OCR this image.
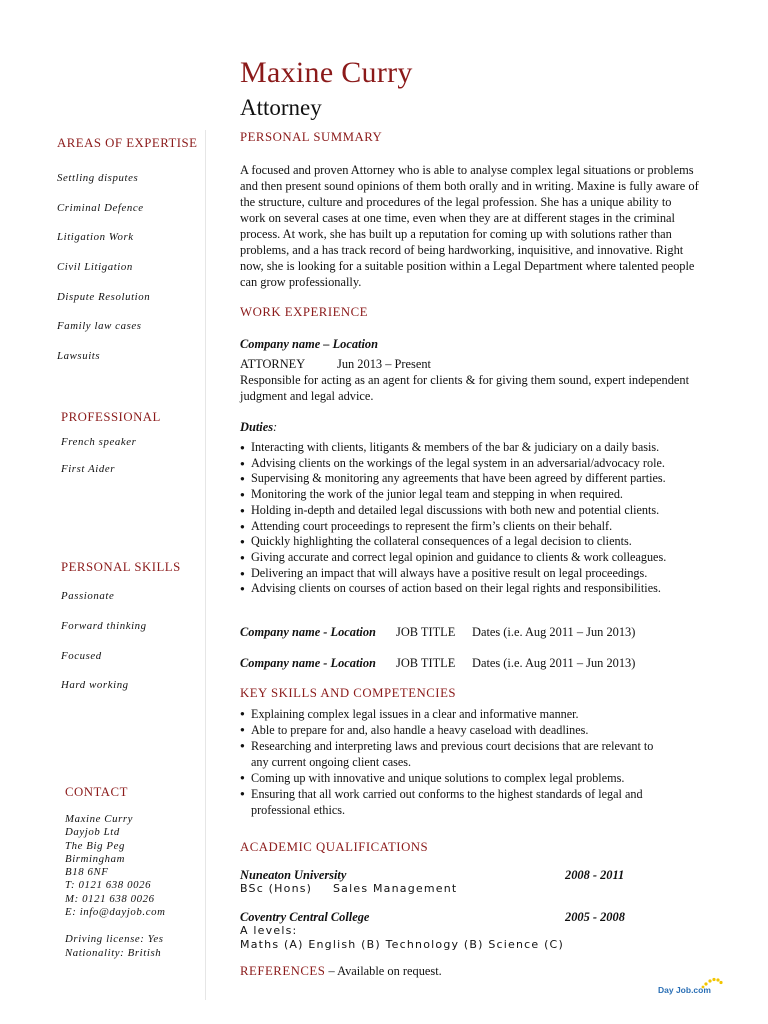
Maxine Curry
Attorney
AREAS OF EXPERTISE
Settling disputes
Criminal Defence
Litigation Work
Civil Litigation
Dispute Resolution
Family law cases
Lawsuits
PROFESSIONAL
French speaker
First Aider
PERSONAL SKILLS
Passionate
Forward thinking
Focused
Hard working
CONTACT
Maxine Curry
Dayjob Ltd
The Big Peg
Birmingham
B18 6NF
T: 0121 638 0026
M: 0121 638 0026
E: info@dayjob.com
Driving license: Yes
Nationality: British
PERSONAL SUMMARY
A focused and proven Attorney who is able to analyse complex legal situations or problems and then present sound opinions of them both orally and in writing. Maxine is fully aware of the structure, culture and procedures of the legal profession. She has a unique ability to work on several cases at one time, even when they are at different stages in the criminal process. At work, she has built up a reputation for coming up with solutions rather than problems, and a has track record of being hardworking, inquisitive, and innovative. Right now, she is looking for a suitable position within a Legal Department where talented people can grow professionally.
WORK EXPERIENCE
Company name – Location
ATTORNEY	Jun 2013 – Present
Responsible for acting as an agent for clients & for giving them sound, expert independent
judgment and legal advice.
Duties:
● Interacting with clients, litigants & members of the bar & judiciary on a daily basis.
● Advising clients on the workings of the legal system in an adversarial/advocacy role.
● Supervising & monitoring any agreements that have been agreed by different parties.
● Monitoring the work of the junior legal team and stepping in when required.
● Holding in-depth and detailed legal discussions with both new and potential clients.
● Attending court proceedings to represent the firm’s clients on their behalf.
● Quickly highlighting the collateral consequences of a legal decision to clients.
● Giving accurate and correct legal opinion and guidance to clients & work colleagues.
● Delivering an impact that will always have a positive result on legal proceedings.
● Advising clients on courses of action based on their legal rights and responsibilities.
Company name - Location JOB TITLE Dates (i.e. Aug 2011 – Jun 2013)
Company name - Location JOB TITLE Dates (i.e. Aug 2011 – Jun 2013)
KEY SKILLS AND COMPETENCIES
● Explaining complex legal issues in a clear and informative manner.
● Able to prepare for and, also handle a heavy caseload with deadlines.
● Researching and interpreting laws and previous court decisions that are relevant to
any current ongoing client cases.
● Coming up with innovative and unique solutions to complex legal problems.
● Ensuring that all work carried out conforms to the highest standards of legal and
professional ethics.
ACADEMIC QUALIFICATIONS
Nuneaton University	2008 - 2011
BSc (Hons) Sales Management
Coventry Central College	2005 - 2008
A levels:
Maths (A) English (B) Technology (B) Science (C)
REFERENCES – Available on request.
Day Job.com
